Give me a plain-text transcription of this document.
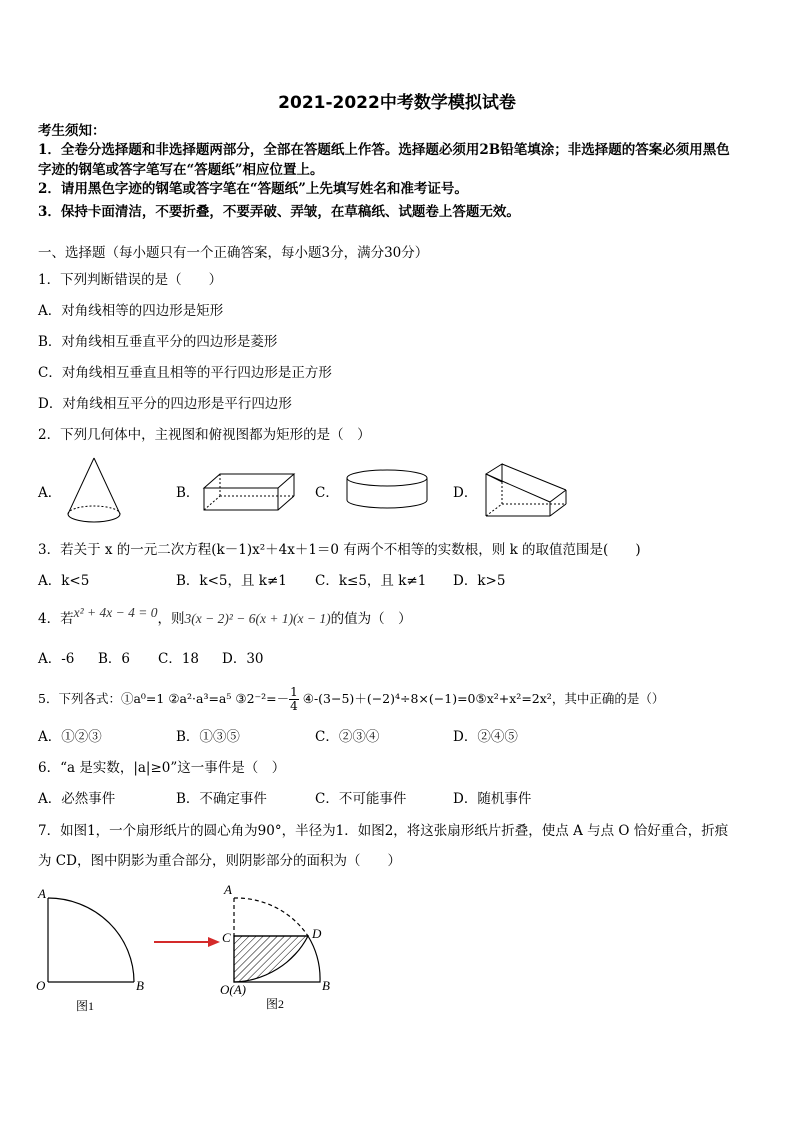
2021-2022中考数学模拟试卷
考生须知：
1．全卷分选择题和非选择题两部分，全部在答题纸上作答。选择题必须用2B铅笔填涂；非选择题的答案必须用黑色
字迹的钢笔或答字笔写在“答题纸”相应位置上。
2．请用黑色字迹的钢笔或答字笔在“答题纸”上先填写姓名和准考证号。
3．保持卡面清洁，不要折叠，不要弄破、弄皱，在草稿纸、试题卷上答题无效。
一、选择题（每小题只有一个正确答案，每小题3分，满分30分）
1．下列判断错误的是（　　）
A．对角线相等的四边形是矩形
B．对角线相互垂直平分的四边形是菱形
C．对角线相互垂直且相等的平行四边形是正方形
D．对角线相互平分的四边形是平行四边形
2．下列几何体中，主视图和俯视图都为矩形的是（　）
A．	B．	C．	D．
3．若关于 x 的一元二次方程(k－1)x²＋4x＋1＝0 有两个不相等的实数根，则 k 的取值范围是(　　)
A．k<5	B．k<5，且 k≠1 C．k≤5，且 k≠1 D．k>5
4．若x² + 4x − 4 = 0，则3(x − 2)² − 6(x + 1)(x − 1)的值为（　）
A．-6 B．6 C．18 D．30
5．下列各式：①a⁰=1 ②a²·a³=a⁵ ③2⁻²=－ $\frac{1}{4}$ ④-(3−5)＋(−2)⁴÷8×(−1)=0⑤x²+x²=2x²，其中正确的是（）
A．①②③	B．①③⑤	C．②③④	D．②④⑤
6．“a 是实数，|a|≥0”这一事件是（　）
A．必然事件	B．不确定事件	C．不可能事件	D．随机事件
7．如图1，一个扇形纸片的圆心角为90°，半径为1．如图2，将这张扇形纸片折叠，使点 A 与点 O 恰好重合，折痕
为 CD，图中阴影为重合部分，则阴影部分的面积为（　　）
A
O	B
图1
A
C	D
O(A)	B
图2
